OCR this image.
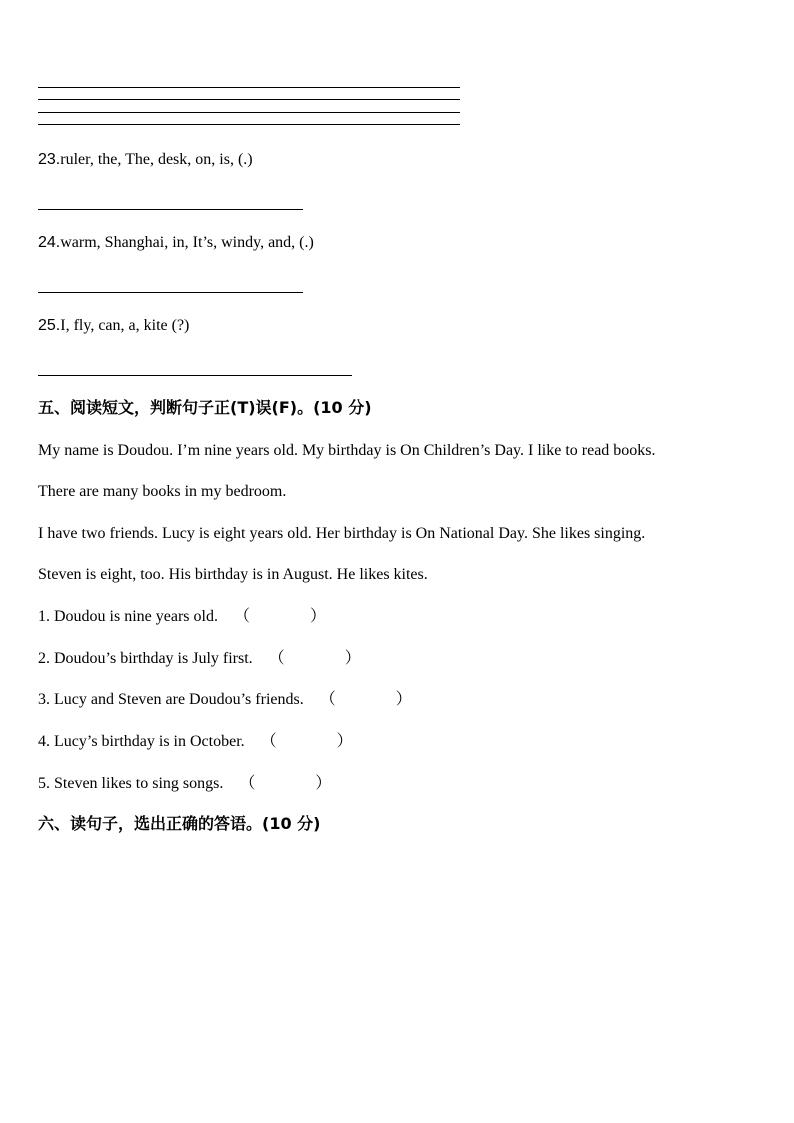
23.ruler, the, The, desk, on, is, (.)
24.warm, Shanghai, in, It’s, windy, and, (.)
25.I, fly, can, a, kite (?)
五、阅读短文，判断句子正(T)误(F)。(10 分)
My name is Doudou. I’m nine years old. My birthday is On Children’s Day. I like to read books.
There are many books in my bedroom.
I have two friends. Lucy is eight years old. Her birthday is On National Day. She likes singing.
Steven is eight, too. His birthday is in August. He likes kites.
1. Doudou is nine years old. （	）
2. Doudou’s birthday is July first. （	）
3. Lucy and Steven are Doudou’s friends. （	）
4. Lucy’s birthday is in October. （	）
5. Steven likes to sing songs. （	）
六、读句子，选出正确的答语。(10 分)
